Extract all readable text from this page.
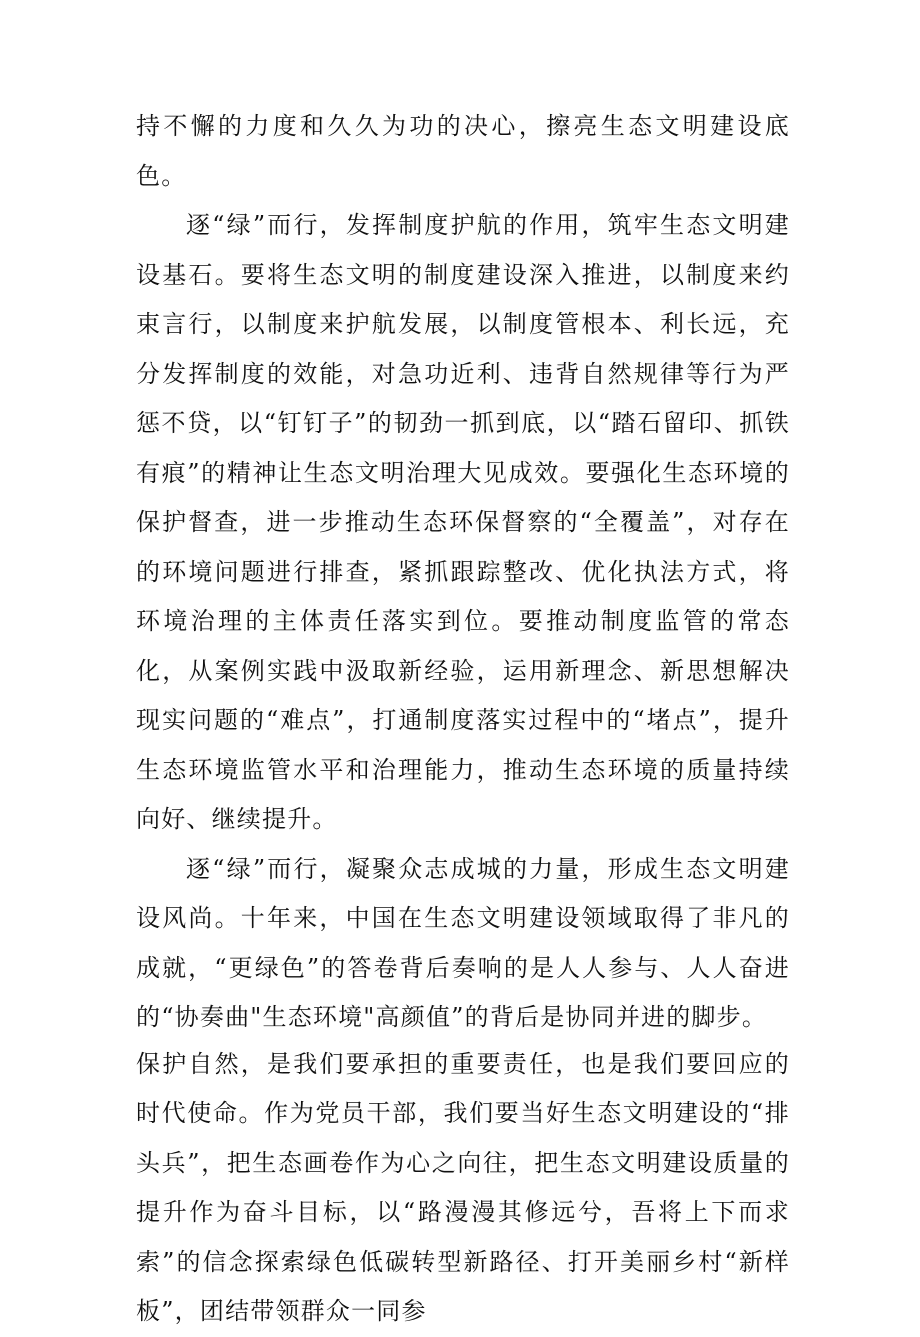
持不懈的力度和久久为功的决心，擦亮生态文明建设底色。

逐“绿”而行，发挥制度护航的作用，筑牢生态文明建设基石。要将生态文明的制度建设深入推进，以制度来约束言行，以制度来护航发展，以制度管根本、利长远，充分发挥制度的效能，对急功近利、违背自然规律等行为严惩不贷，以“钉钉子”的韧劲一抓到底，以“踏石留印、抓铁有痕”的精神让生态文明治理大见成效。要强化生态环境的保护督查，进一步推动生态环保督察的“全覆盖”，对存在的环境问题进行排查，紧抓跟踪整改、优化执法方式，将环境治理的主体责任落实到位。要推动制度监管的常态化，从案例实践中汲取新经验，运用新理念、新思想解决现实问题的“难点”，打通制度落实过程中的“堵点”，提升生态环境监管水平和治理能力，推动生态环境的质量持续向好、继续提升。

逐“绿”而行，凝聚众志成城的力量，形成生态文明建设风尚。十年来，中国在生态文明建设领域取得了非凡的成就，“更绿色”的答卷背后奏响的是人人参与、人人奋进的“协奏曲"生态环境"高颜值”的背后是协同并进的脚步。

保护自然，是我们要承担的重要责任，也是我们要回应的时代使命。作为党员干部，我们要当好生态文明建设的“排头兵”，把生态画卷作为心之向往，把生态文明建设质量的提升作为奋斗目标，以“路漫漫其修远兮，吾将上下而求索”的信念探索绿色低碳转型新路径、打开美丽乡村“新样板”，团结带领群众一同参
